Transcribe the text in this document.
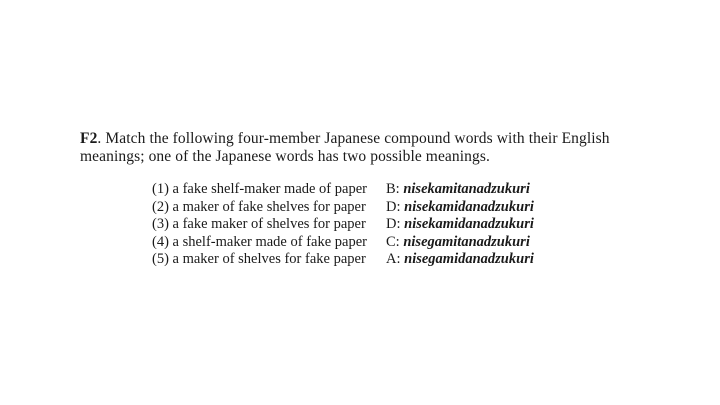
F2. Match the following four-member Japanese compound words with their English meanings; one of the Japanese words has two possible meanings.
(1) a fake shelf-maker made of paper	B: nisekamitanadzukuri
(2) a maker of fake shelves for paper	D: nisekamidanadzukuri
(3) a fake maker of shelves for paper	D: nisekamidanadzukuri
(4) a shelf-maker made of fake paper	C: nisegamitanadzukuri
(5) a maker of shelves for fake paper	A: nisegamidanadzukuri
